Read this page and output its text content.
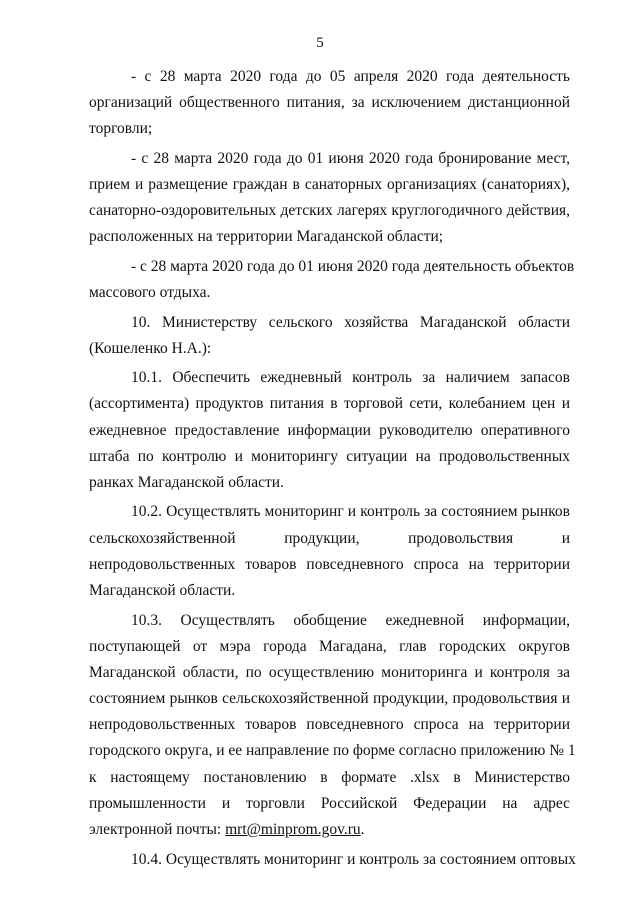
5
- с 28 марта 2020 года до 05 апреля 2020 года деятельность
организаций общественного питания, за исключением дистанционной
торговли;
- с 28 марта 2020 года до 01 июня 2020 года бронирование мест,
прием и размещение граждан в санаторных организациях (санаториях),
санаторно-оздоровительных детских лагерях круглогодичного действия,
расположенных на территории Магаданской области;
- с 28 марта 2020 года до 01 июня 2020 года деятельность объектов
массового отдыха.
10. Министерству сельского хозяйства Магаданской области
(Кошеленко Н.А.):
10.1. Обеспечить ежедневный контроль за наличием запасов
(ассортимента) продуктов питания в торговой сети, колебанием цен и
ежедневное предоставление информации руководителю оперативного
штаба по контролю и мониторингу ситуации на продовольственных
ранках Магаданской области.
10.2. Осуществлять мониторинг и контроль за состоянием рынков
сельскохозяйственной продукции, продовольствия и
непродовольственных товаров повседневного спроса на территории
Магаданской области.
10.3. Осуществлять обобщение ежедневной информации,
поступающей от мэра города Магадана, глав городских округов
Магаданской области, по осуществлению мониторинга и контроля за
состоянием рынков сельскохозяйственной продукции, продовольствия и
непродовольственных товаров повседневного спроса на территории
городского округа, и ее направление по форме согласно приложению № 1
к настоящему постановлению в формате .xlsx в Министерство
промышленности и торговли Российской Федерации на адрес
электронной почты: mrt@minprom.gov.ru.
10.4. Осуществлять мониторинг и контроль за состоянием оптовых
